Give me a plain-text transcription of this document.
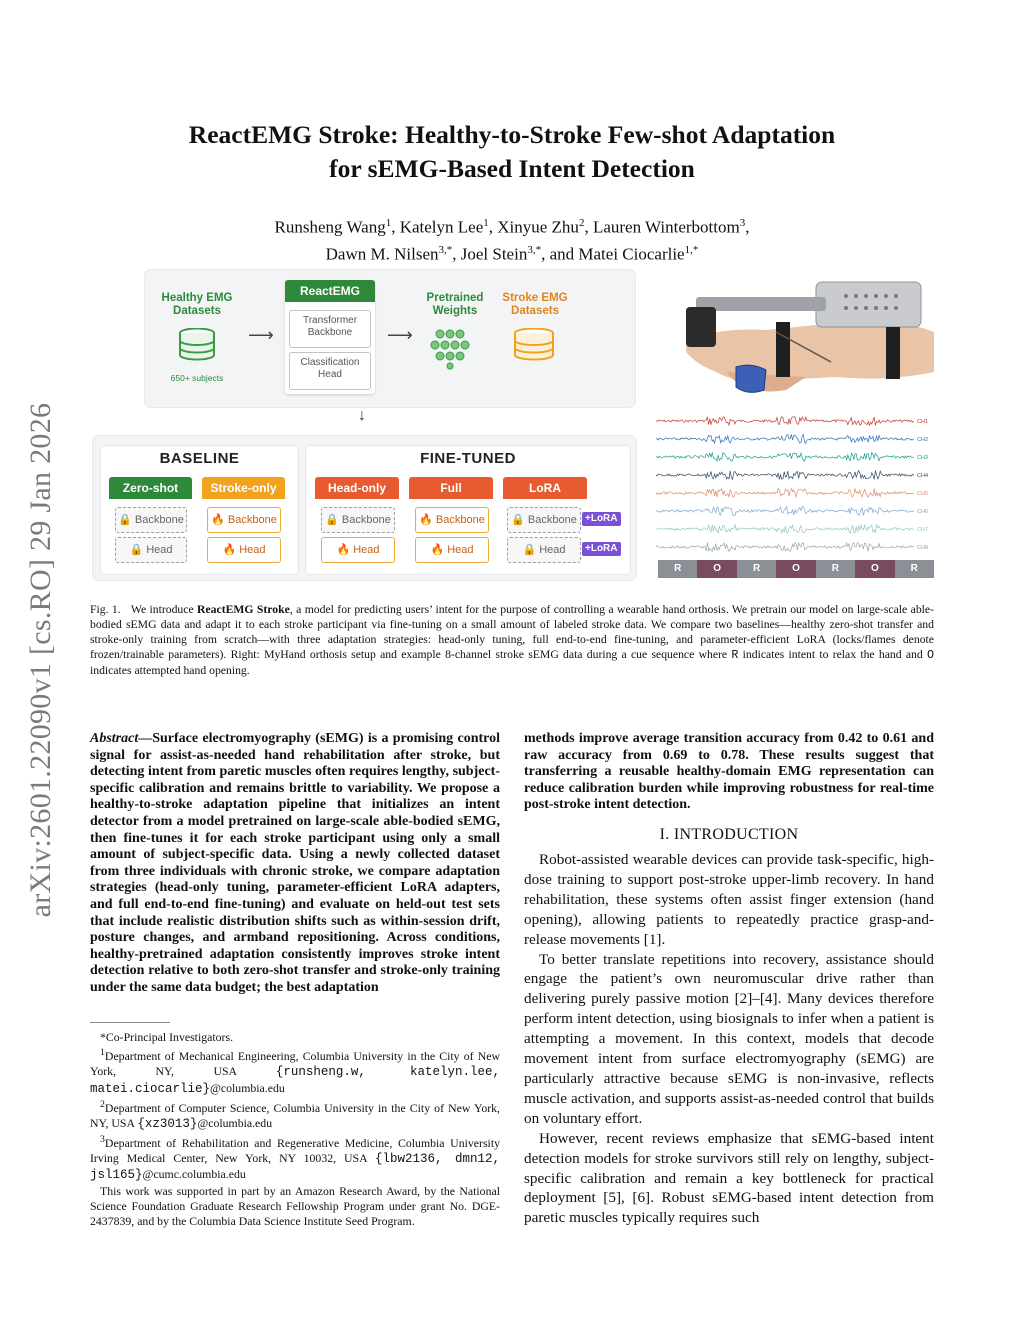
arXiv:2601.22090v1 [cs.RO] 29 Jan 2026
ReactEMG Stroke: Healthy-to-Stroke Few-shot Adaptation
for sEMG-Based Intent Detection
Runsheng Wang$^1$, Katelyn Lee$^1$, Xinyue Zhu$^2$, Lauren Winterbottom$^3$,
Dawn M. Nilsen$^{3,*}$, Joel Stein$^{3,*}$, and Matei Ciocarlie$^{1,*}$
Healthy EMG Datasets
650+ subjects
⟶
ReactEMG
Transformer Backbone
Classification Head
⟶
Pretrained Weights
Stroke EMG Datasets
↓
BASELINE	FINE-TUNED
Zero-shot
🔒 Backbone
🔒 Head
Stroke-only
🔥 Backbone
🔥 Head
Head-only
🔒 Backbone
🔥 Head
Full
🔥 Backbone
🔥 Head
LoRA
🔒 Backbone +LoRA
🔒 Head	+LoRA
CH1
CH2
CH3
CH4
CH5
CH6
CH7
CH8
R	O	R	O	R	O	R
Fig. 1. We introduce ReactEMG Stroke, a model for predicting users’ intent for the purpose of controlling a wearable hand orthosis. We pretrain our model on large-scale able-bodied sEMG data and adapt it to each stroke participant via fine-tuning on a small amount of labeled stroke data. We compare two baselines—healthy zero-shot transfer and stroke-only training from scratch—with three adaptation strategies: head-only tuning, full end-to-end fine-tuning, and parameter-efficient LoRA (locks/flames denote frozen/trainable parameters). Right: MyHand orthosis setup and example 8-channel stroke sEMG data during a cue sequence where R indicates intent to relax the hand and O indicates attempted hand opening.
Abstract—Surface electromyography (sEMG) is a promising control signal for assist-as-needed hand rehabilitation after stroke, but detecting intent from paretic muscles often requires lengthy, subject-specific calibration and remains brittle to variability. We propose a healthy-to-stroke adaptation pipeline that initializes an intent detector from a model pretrained on large-scale able-bodied sEMG, then fine-tunes it for each stroke participant using only a small amount of subject-specific data. Using a newly collected dataset from three individuals with chronic stroke, we compare adaptation strategies (head-only tuning, parameter-efficient LoRA adapters, and full end-to-end fine-tuning) and evaluate on held-out test sets that include realistic distribution shifts such as within-session drift, posture changes, and armband repositioning. Across conditions, healthy-pretrained adaptation consistently improves stroke intent detection relative to both zero-shot transfer and stroke-only training under the same data budget; the best adaptation
methods improve average transition accuracy from 0.42 to 0.61 and raw accuracy from 0.69 to 0.78. These results suggest that transferring a reusable healthy-domain EMG representation can reduce calibration burden while improving robustness for real-time post-stroke intent detection.
I. INTRODUCTION

Robot-assisted wearable devices can provide task-specific, high-dose training to support post-stroke upper-limb recovery. In hand rehabilitation, these systems often assist finger extension (hand opening), allowing patients to repeatedly practice grasp-and-release movements [1].

To better translate repetitions into recovery, assistance should engage the patient’s own neuromuscular drive rather than delivering purely passive motion [2]–[4]. Many devices therefore perform intent detection, using biosignals to infer when a patient is attempting a movement. In this context, models that decode movement intent from surface electromyography (sEMG) are particularly attractive because sEMG is non-invasive, reflects muscle activation, and supports assist-as-needed control that builds on voluntary effort.

However, recent reviews emphasize that sEMG-based intent detection models for stroke survivors still rely on lengthy, subject-specific calibration and remain a key bottleneck for practical deployment [5], [6]. Robust sEMG-based intent detection from paretic muscles typically requires such

*Co-Principal Investigators.

$^1$Department of Mechanical Engineering, Columbia University in the City of New York, NY, USA	{runsheng.w, katelyn.lee, matei.ciocarlie}@columbia.edu

$^2$Department of Computer Science, Columbia University in the City of New York, NY, USA {xz3013}@columbia.edu

$^3$Department of Rehabilitation and Regenerative Medicine, Columbia University Irving Medical Center, New York, NY 10032, USA {lbw2136, dmn12, jsl165}@cumc.columbia.edu

This work was supported in part by an Amazon Research Award, by the National Science Foundation Graduate Research Fellowship Program under grant No. DGE-2437839, and by the Columbia Data Science Institute Seed Program.
